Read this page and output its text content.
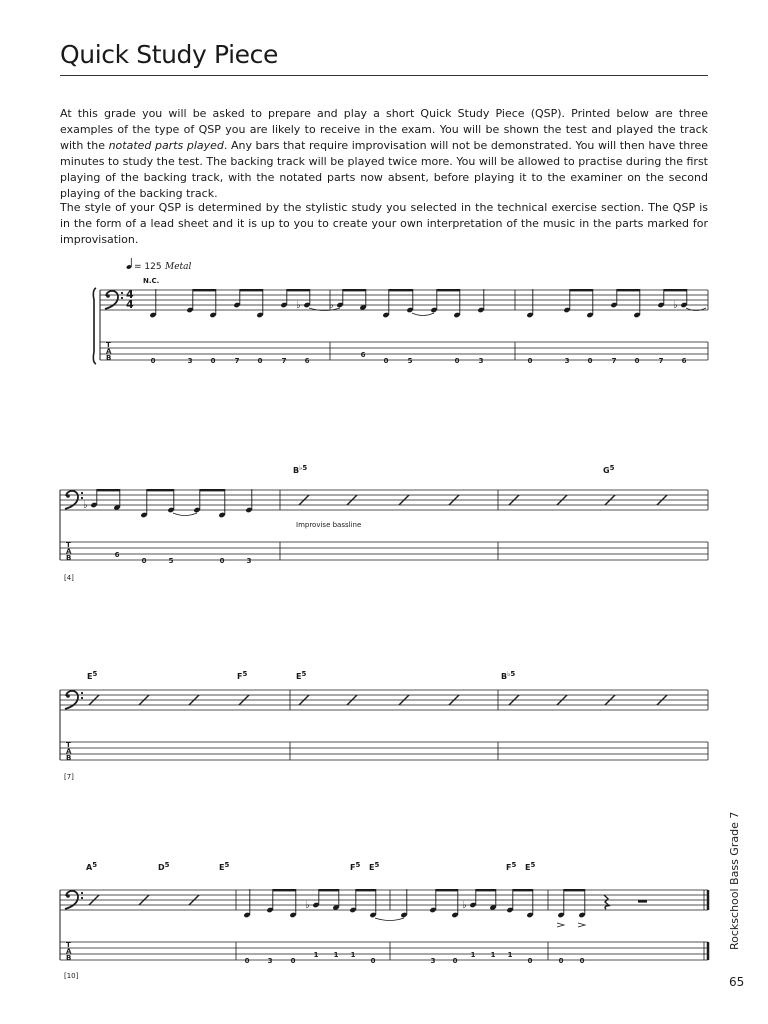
Quick Study Piece

At this grade you will be asked to prepare and play a short Quick Study Piece (QSP). Printed below are three examples of the type of QSP you are likely to receive in the exam. You will be shown the test and played the track with the notated parts played. Any bars that require improvisation will not be demonstrated. You will then have three minutes to study the test. The backing track will be played twice more. You will be allowed to practise during the first playing of the backing track, with the notated parts now absent, before playing it to the examiner on the second playing of the backing track.

The style of your QSP is determined by the stylistic study you selected in the technical exercise section. The QSP is in the form of a lead sheet and it is up to you to create your own interpretation of the music in the parts marked for improvisation.

T
A
B
T
A
B
[4]
T
A
B
[7]
T
A
B
[10]
4
4
= 125 Metal
N.C.
0	3	0	7	0
♭
7	6
♭
6
0	5	0	3	0	3	0	7	0
♭
7	6
♭
6
0	5	0	3
Improvise bassline
B♭5	G5
E5	F5	E5	B♭5
A5	D5	E5	F5 E5	F5 E5
0	3	0
♭
1 1 1
0	3 0
♭
1 1 1
0	0 0
Rockschool Bass Grade 7
65
